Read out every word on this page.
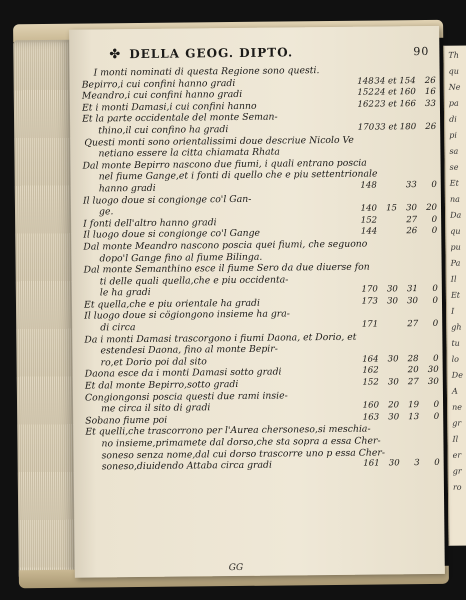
Th
qu
Ne
pa
di
pi
sa
se
Et
na
Da
qu
pu
Pa
Il
Et
I
gh
tu
lo
De
A
ne
gr
Il
er
gr
ro
✤ DELLA GEOG. DIPTO.	90
I monti nominati di questa Regione sono questi.
Bepirro,i cui confini hanno gradi	148 34 et 154	26
Meandro,i cui confini hanno gradi	152 24 et 160	16
Et i monti Damasi,i cui confini hanno	162 23 et 166	33
Et la parte occidentale del monte Seman-
thino,il cui confino ha gradi	170 33 et 180	26
Questi monti sono orientalissimi doue descriue Nicolo Ve
netiano essere la citta chiamata Rhata
Dal monte Bepirro nascono due fiumi, i quali entrano poscia
nel fiume Gange,et i fonti di quello che e piu settentrionale
hanno gradi	148	33	0
Il luogo doue si congionge co'l Gan-
ge.	140	15	30	20
I fonti dell'altro hanno gradi	152	27	0
Il luogo doue si congionge co'l Gange	144	26	0
Dal monte Meandro nascono poscia quei fiumi, che seguono
dopo'l Gange fino al fiume Bilinga.
Dal monte Semanthino esce il fiume Sero da due diuerse fon
ti delle quali quella,che e piu occidenta-
le ha gradi	170	30	31	0
Et quella,che e piu orientale ha gradi	173	30	30	0
Il luogo doue si cögiongono insieme ha gra-
di circa	171	27	0
Da i monti Damasi trascorgono i fiumi Daona, et Dorio, et
estendesi Daona, fino al monte Bepir-
ro,et Dorio poi dal sito	164	30	28	0
Daona esce da i monti Damasi sotto gradi	162	20	30
Et dal monte Bepirro,sotto gradi	152	30	27	30
Congiongonsi poscia questi due rami insie-
me circa il sito di gradi	160	20	19	0
Sobano fiume poi	163	30	13	0
Et quelli,che trascorrono per l'Aurea chersoneso,si meschia-
no insieme,primamete dal dorso,che sta sopra a essa Cher-
soneso senza nome,dal cui dorso trascorre uno p essa Cher-
soneso,diuidendo Attaba circa gradi	161	30	3	0
GG
